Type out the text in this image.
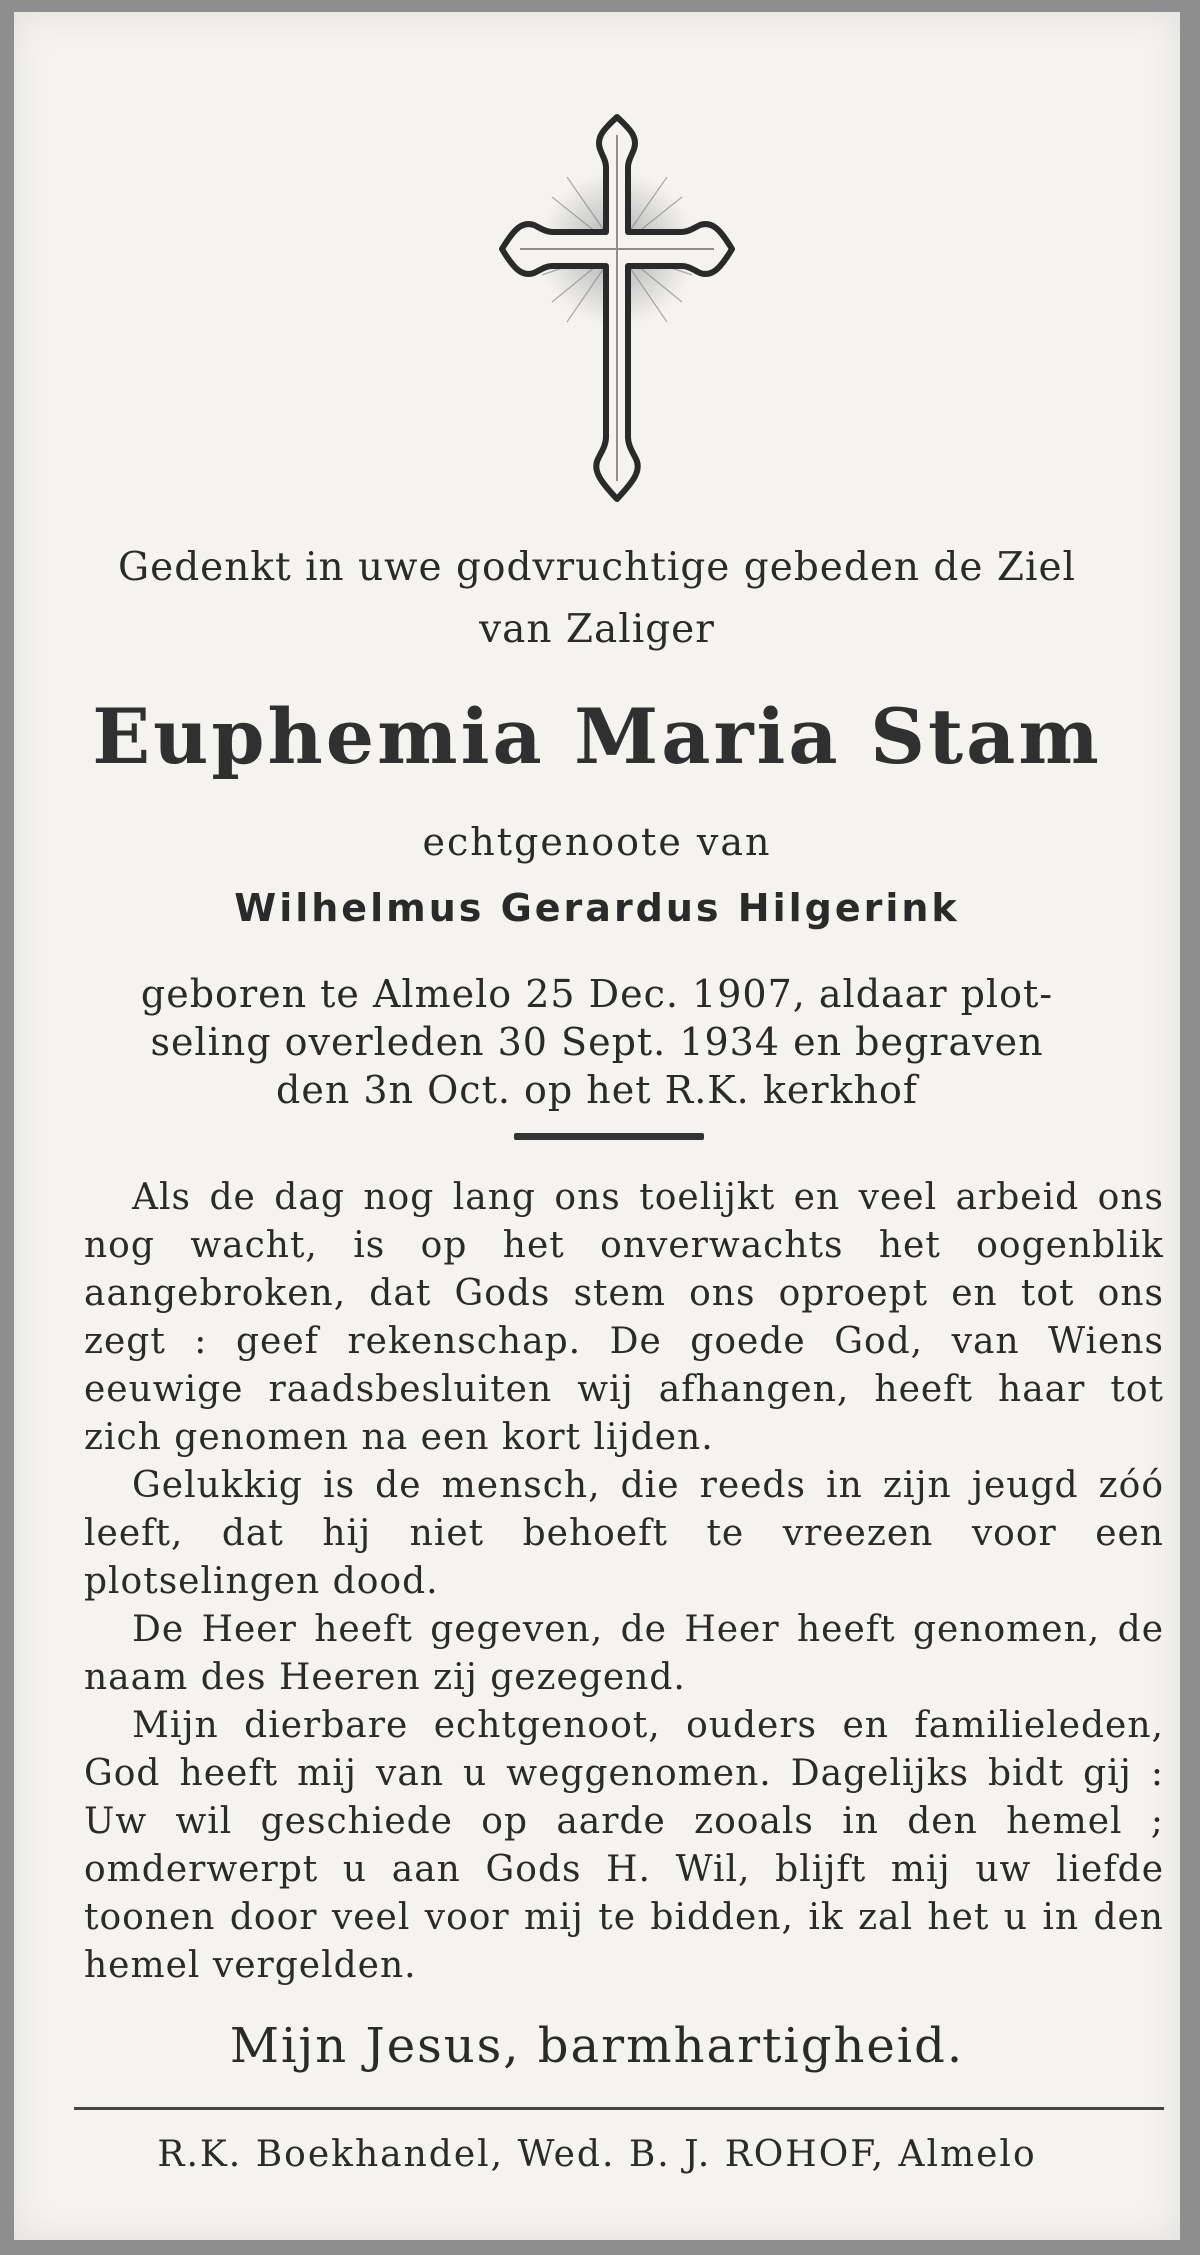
Gedenkt in uwe godvruchtige gebeden de Ziel
van Zaliger
Euphemia Maria Stam
echtgenoote van
Wilhelmus Gerardus Hilgerink
geboren te Almelo 25 Dec. 1907, aldaar plot-
seling overleden 30 Sept. 1934 en begraven
den 3n Oct. op het R.K. kerkhof

Als de dag nog lang ons toelijkt en veel arbeid ons nog wacht, is op het onverwachts het oogenblik aangebroken, dat Gods stem ons oproept en tot ons zegt : geef rekenschap. De goede God, van Wiens eeuwige raadsbesluiten wij afhangen, heeft haar tot zich genomen na een kort lijden.

Gelukkig is de mensch, die reeds in zijn jeugd zóó leeft, dat hij niet behoeft te vreezen voor een plotselingen dood.

De Heer heeft gegeven, de Heer heeft genomen, de naam des Heeren zij gezegend.

Mijn dierbare echtgenoot, ouders en familieleden, God heeft mij van u weggenomen. Dagelijks bidt gij : Uw wil geschiede op aarde zooals in den hemel ; omderwerpt u aan Gods H. Wil, blijft mij uw liefde toonen door veel voor mij te bidden, ik zal het u in den hemel vergelden.

Mijn Jesus, barmhartigheid.
R.K. Boekhandel, Wed. B. J. ROHOF, Almelo
